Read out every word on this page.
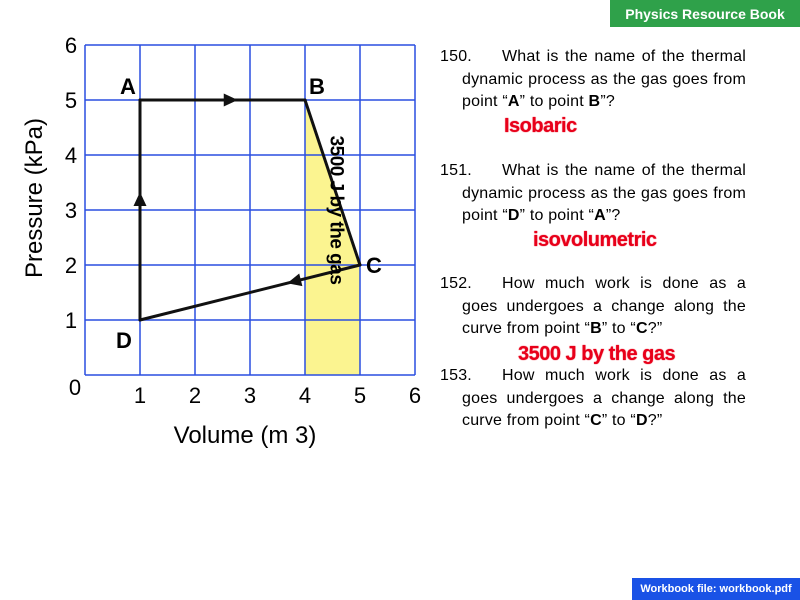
Physics Resource Book
1 2 3 4 5 6
1
2
3
4
5
6
0
Volume (m 3)
Pressure (kPa)
A	B
C
D
3500 J by the gas
150.	What is the name of the thermal dynamic process as the gas goes from point “A” to point B”?
Isobaric
151.	What is the name of the thermal dynamic process as the gas goes from point “D” to point “A”?
isovolumetric
152.	How much work is done as a goes undergoes a change along the curve from point “B” to “C?”
3500 J by the gas
153.	How much work is done as a goes undergoes a change along the curve from point “C” to “D?”
Workbook file: workbook.pdf
